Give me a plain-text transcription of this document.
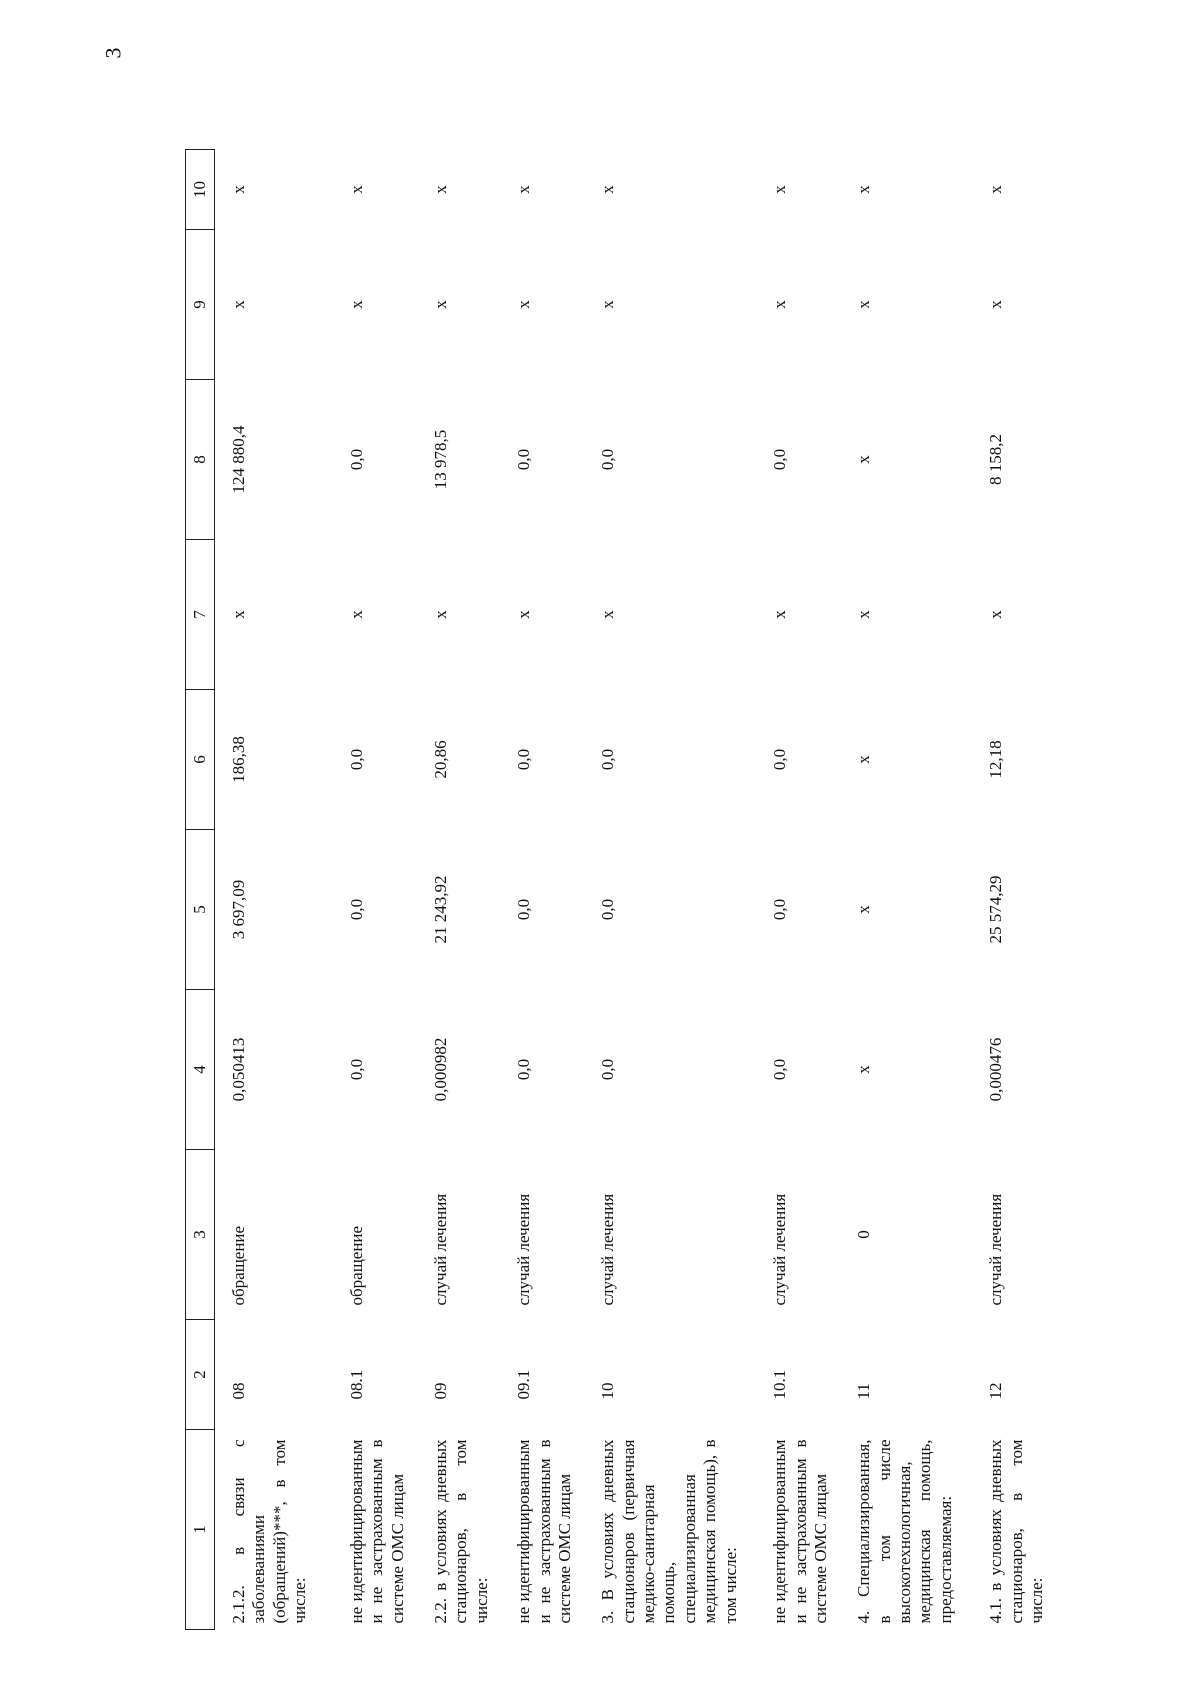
3
1	2	3	4	5	6	7	8	9	10
2.1.2. в связи с заболеваниями (обращений)***, в том числе:	08	обращение	0,050413	3 697,09	186,38	x	124 880,4	x	x
не идентифицированным и не застрахованным в системе ОМС лицам	08.1	обращение	0,0	0,0	0,0	x	0,0	x	x
2.2. в условиях дневных стационаров, в том числе:	09	случай лечения	0,000982	21 243,92	20,86	x	13 978,5	x	x
не идентифицированным и не застрахованным в системе ОМС лицам	09.1	случай лечения	0,0	0,0	0,0	x	0,0	x	x
3. В условиях дневных стационаров (первичная медико-санитарная помощь, специализированная медицинская помощь), в том числе:	10	случай лечения	0,0	0,0	0,0	x	0,0	x	x
не идентифицированным и не застрахованным в системе ОМС лицам	10.1	случай лечения	0,0	0,0	0,0	x	0,0	x	x
4. Специализированная, в том числе высокотехнологичная, медицинская помощь, предоставляемая:	11	0	x	x	x	x	x	x	x
4.1. в условиях дневных стационаров, в том числе:	12	случай лечения	0,000476	25 574,29	12,18	x	8 158,2	x	x
